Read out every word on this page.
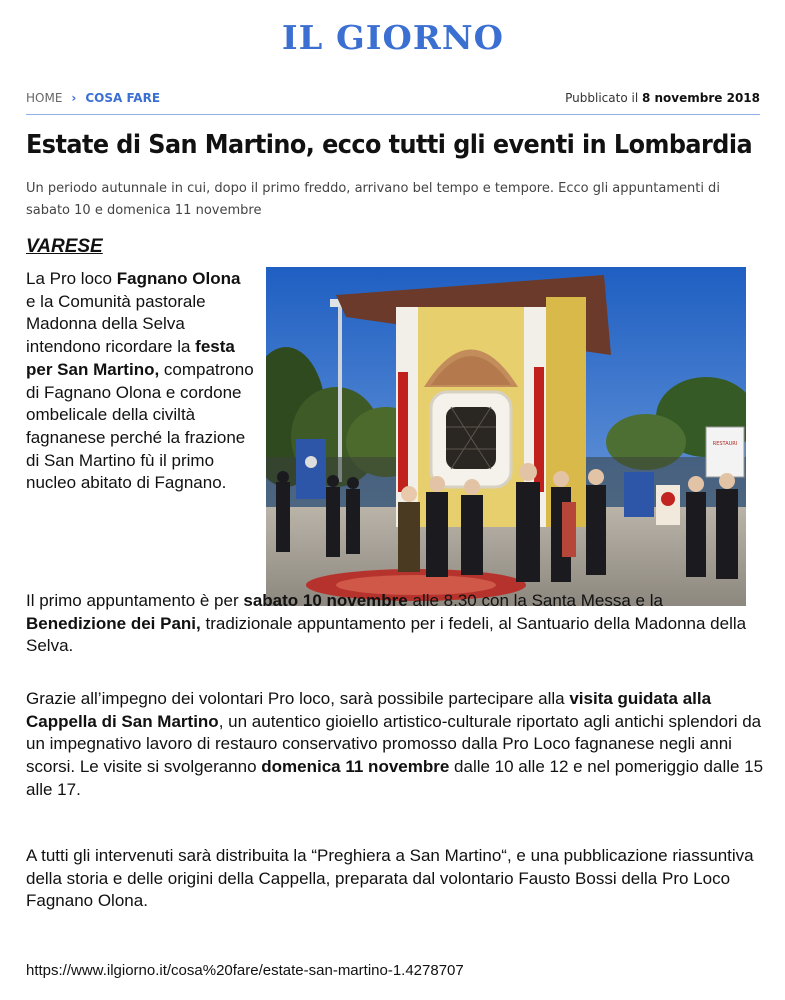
IL GIORNO
HOME › COSA FARE	Pubblicato il 8 novembre 2018
Estate di San Martino, ecco tutti gli eventi in Lombardia
Un periodo autunnale in cui, dopo il primo freddo, arrivano bel tempo e tempore. Ecco gli appuntamenti di sabato 10 e domenica 11 novembre
VARESE
La Pro loco Fagnano Olona e la Comunità pastorale Madonna della Selva intendono ricordare la festa per San Martino, compatrono di Fagnano Olona e cordone ombelicale della civiltà fagnanese perché la frazione di San Martino fù il primo nucleo abitato di Fagnano.
RESTAURI
Il primo appuntamento è per sabato 10 novembre alle 8.30 con la Santa Messa e la Benedizione dei Pani, tradizionale appuntamento per i fedeli, al Santuario della Madonna della Selva.
Grazie all’impegno dei volontari Pro loco, sarà possibile partecipare alla visita guidata alla Cappella di San Martino, un autentico gioiello artistico-culturale riportato agli antichi splendori da un impegnativo lavoro di restauro conservativo promosso dalla Pro Loco fagnanese negli anni scorsi. Le visite si svolgeranno domenica 11 novembre dalle 10 alle 12 e nel pomeriggio dalle 15 alle 17.
A tutti gli intervenuti sarà distribuita la “Preghiera a San Martino“, e una pubblicazione riassuntiva della storia e delle origini della Cappella, preparata dal volontario Fausto Bossi della Pro Loco Fagnano Olona.
https://www.ilgiorno.it/cosa%20fare/estate-san-martino-1.4278707
